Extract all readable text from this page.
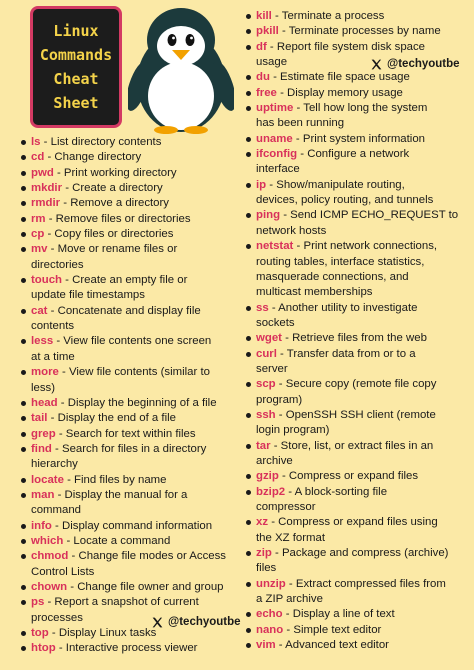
Linux
Commands
Cheat
Sheet
ls - List directory contents
cd - Change directory
pwd - Print working directory
mkdir - Create a directory
rmdir - Remove a directory
rm - Remove files or directories
cp - Copy files or directories
mv - Move or rename files or
directories
touch - Create an empty file or
update file timestamps
cat - Concatenate and display file
contents
less - View file contents one screen
at a time
more - View file contents (similar to
less)
head - Display the beginning of a file
tail - Display the end of a file
grep - Search for text within files
find - Search for files in a directory
hierarchy
locate - Find files by name
man - Display the manual for a
command
info - Display command information
which - Locate a command
chmod - Change file modes or Access
Control Lists
chown - Change file owner and group
ps - Report a snapshot of current
processes
top - Display Linux tasks
htop - Interactive process viewer
kill - Terminate a process
pkill - Terminate processes by name
df - Report file system disk space
usage
du - Estimate file space usage
free - Display memory usage
uptime - Tell how long the system
has been running
uname - Print system information
ifconfig - Configure a network
interface
ip - Show/manipulate routing,
devices, policy routing, and tunnels
ping - Send ICMP ECHO_REQUEST to
network hosts
netstat - Print network connections,
routing tables, interface statistics,
masquerade connections, and
multicast memberships
ss - Another utility to investigate
sockets
wget - Retrieve files from the web
curl - Transfer data from or to a
server
scp - Secure copy (remote file copy
program)
ssh - OpenSSH SSH client (remote
login program)
tar - Store, list, or extract files in an
archive
gzip - Compress or expand files
bzip2 - A block-sorting file
compressor
xz - Compress or expand files using
the XZ format
zip - Package and compress (archive)
files
unzip - Extract compressed files from
a ZIP archive
echo - Display a line of text
nano - Simple text editor
vim - Advanced text editor
@techyoutbe
@techyoutbe
